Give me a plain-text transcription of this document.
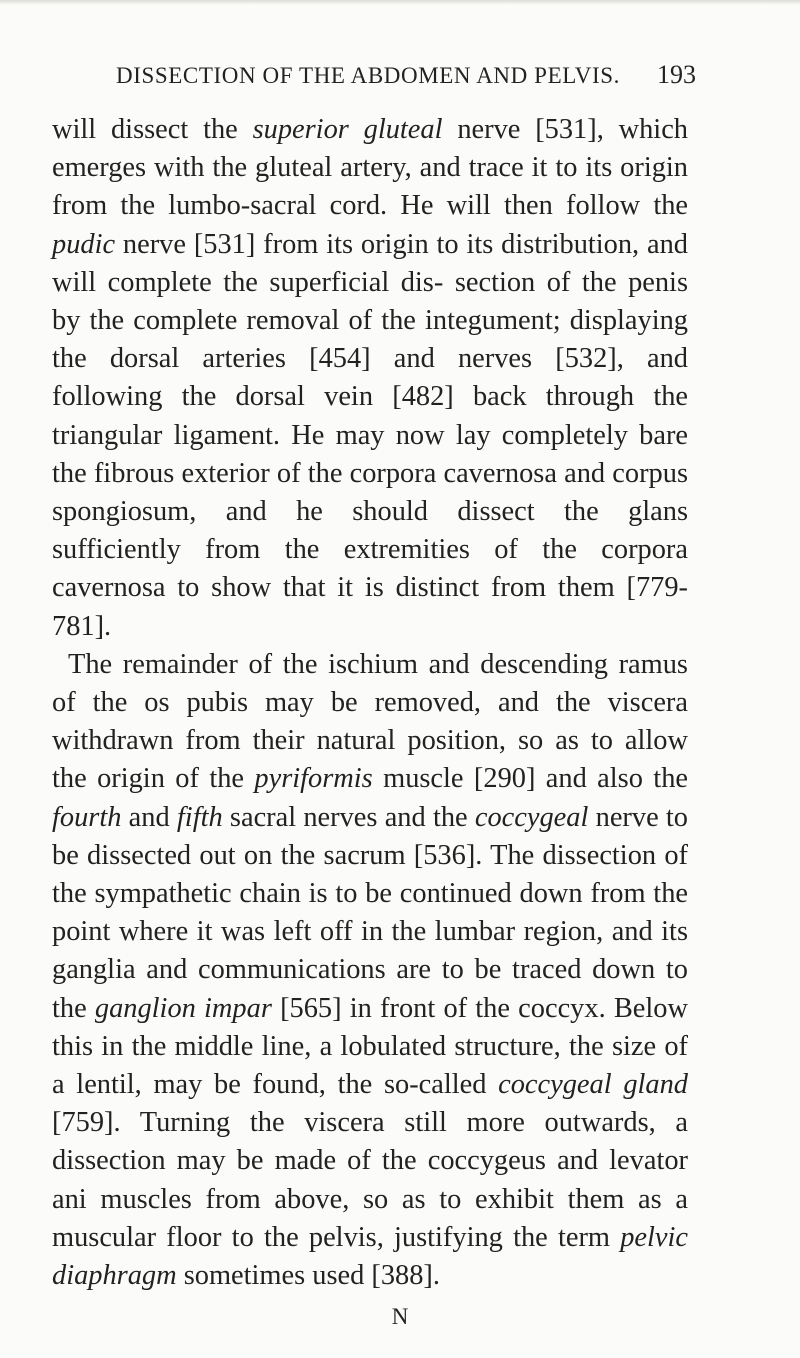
DISSECTION OF THE ABDOMEN AND PELVIS. 193

will dissect the superior gluteal nerve [531], which emerges with the gluteal artery, and trace it to its origin from the lumbo-sacral cord. He will then follow the pudic nerve [531] from its origin to its distribution, and will complete the superficial dis- section of the penis by the complete removal of the integument; displaying the dorsal arteries [454] and nerves [532], and following the dorsal vein [482] back through the triangular ligament. He may now lay completely bare the fibrous exterior of the corpora cavernosa and corpus spongiosum, and he should dissect the glans sufficiently from the extremities of the corpora cavernosa to show that it is distinct from them [779-781].

The remainder of the ischium and descending ramus of the os pubis may be removed, and the viscera withdrawn from their natural position, so as to allow the origin of the pyriformis muscle [290] and also the fourth and fifth sacral nerves and the coccygeal nerve to be dissected out on the sacrum [536]. The dissection of the sympathetic chain is to be continued down from the point where it was left off in the lumbar region, and its ganglia and communications are to be traced down to the ganglion impar [565] in front of the coccyx. Below this in the middle line, a lobulated structure, the size of a lentil, may be found, the so-called coccygeal gland [759]. Turning the viscera still more outwards, a dissection may be made of the coccygeus and levator ani muscles from above, so as to exhibit them as a muscular floor to the pelvis, justifying the term pelvic diaphragm sometimes used [388].

N
